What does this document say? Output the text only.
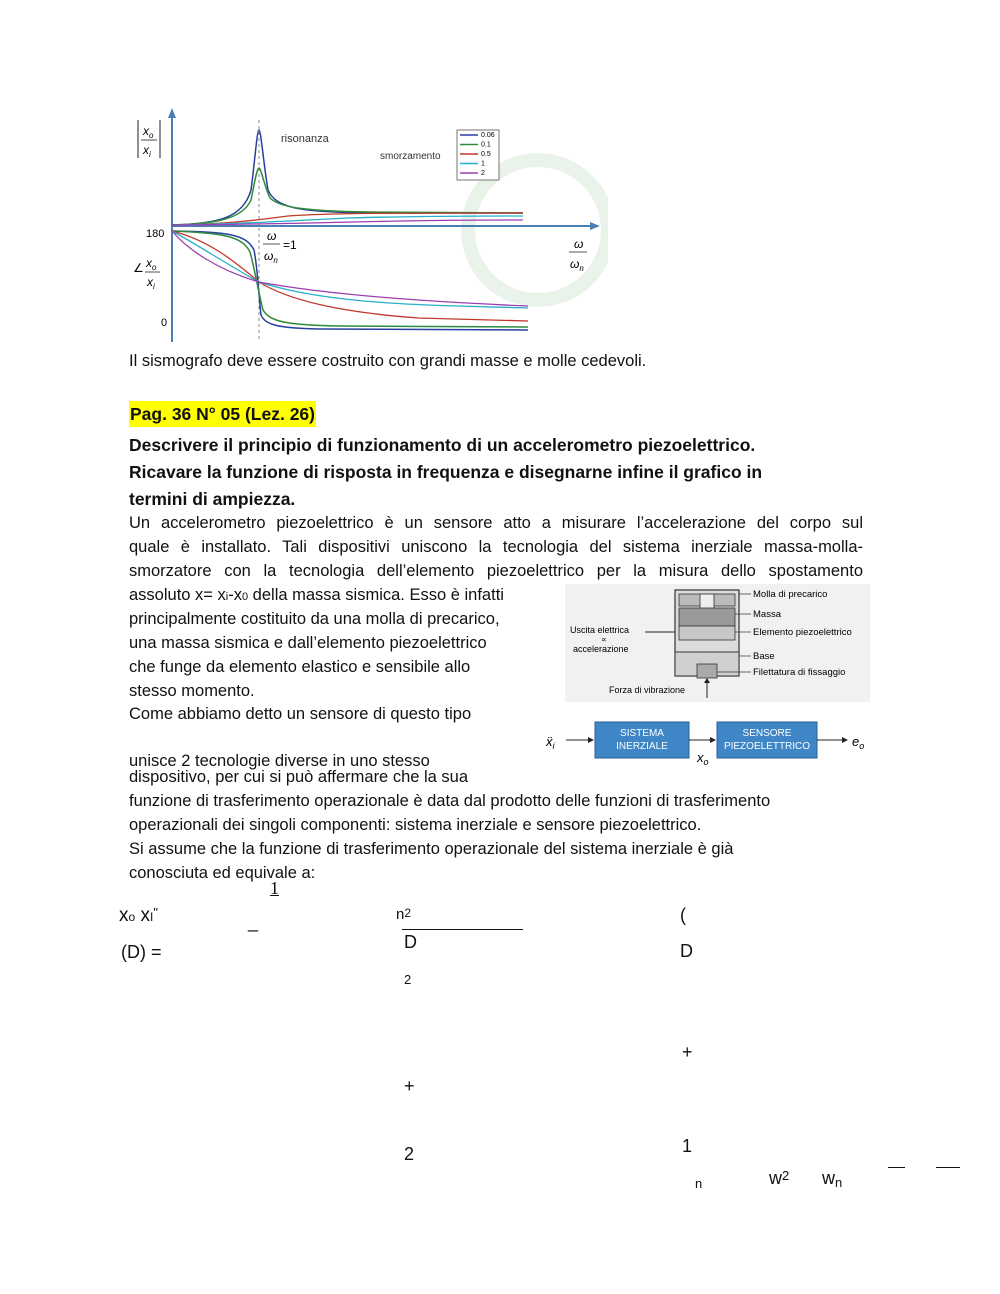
$x_o$
$x_i$
risonanza
smorzamento
0.06
0.1
0.5
1
2
180
0
ω
$\omega_n$
=1	ω
$\omega_n$
∠ $x_o$
$x_i$
Il sismografo deve essere costruito con grandi masse e molle cedevoli.
Pag. 36 N° 05 (Lez. 26)
Descrivere il principio di funzionamento di un accelerometro piezoelettrico.
Ricavare la funzione di risposta in frequenza e disegnarne infine il grafico in
termini di ampiezza.
Un accelerometro piezoelettrico è un sensore atto a misurare l’accelerazione del corpo sul
quale è installato. Tali dispositivi uniscono la tecnologia del sistema inerziale massa-molla-
smorzatore con la tecnologia dell’elemento piezoelettrico per la misura dello spostamento
assoluto x= xi-x0 della massa sismica. Esso è infatti
principalmente costituito da una molla di precarico,
una massa sismica e dall’elemento piezoelettrico
che funge da elemento elastico e sensibile allo
stesso momento.
Come abbiamo detto un sensore di questo tipo
unisce 2 tecnologie diverse in uno stesso
dispositivo, per cui si può affermare che la sua
funzione di trasferimento operazionale è data dal prodotto delle funzioni di trasferimento
operazionali dei singoli componenti: sistema inerziale e sensore piezoelettrico.
Si assume che la funzione di trasferimento operazionale del sistema inerziale è già
conosciuta ed equivale a:
Molla di precarico
Massa
Elemento piezoelettrico
Base
Filettatura di fissaggio
Uscita elettrica
∝
accelerazione
Forza di vibrazione
ẍ$_i$
SISTEMA
INERZIALE
$x_o$
SENSORE
PIEZOELETTRICO	$e_o$
xo xI"
(D) =
1
_	$n^2$
D
2
+
2
(
D
+
1
n	$w^2$ wn
